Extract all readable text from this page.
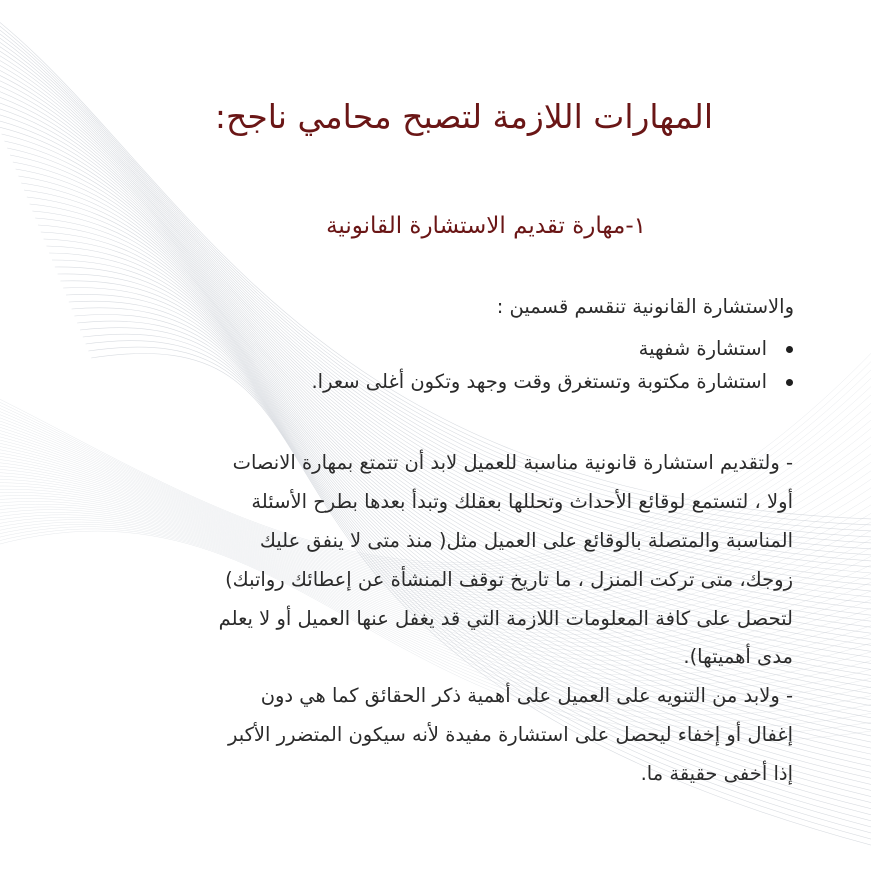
المهارات اللازمة لتصبح محامي ناجح:
١-مهارة تقديم الاستشارة القانونية

والاستشارة القانونية تنقسم قسمين :

استشارة شفهية
استشارة مكتوبة وتستغرق وقت وجهد وتكون أغلى سعرا.
- ولتقديم استشارة قانونية مناسبة للعميل لابد أن تتمتع بمهارة الانصات
أولا ، لتستمع لوقائع الأحداث وتحللها بعقلك وتبدأ بعدها بطرح الأسئلة
المناسبة والمتصلة بالوقائع على العميل مثل( منذ متى لا ينفق عليك
زوجك، متى تركت المنزل ، ما تاريخ توقف المنشأة عن إعطائك رواتبك)
لتحصل على كافة المعلومات اللازمة التي قد يغفل عنها العميل أو لا يعلم
مدى أهميتها).
- ولابد من التنويه على العميل على أهمية ذكر الحقائق كما هي دون
إغفال أو إخفاء ليحصل على استشارة مفيدة لأنه سيكون المتضرر الأكبر
إذا أخفى حقيقة ما.
